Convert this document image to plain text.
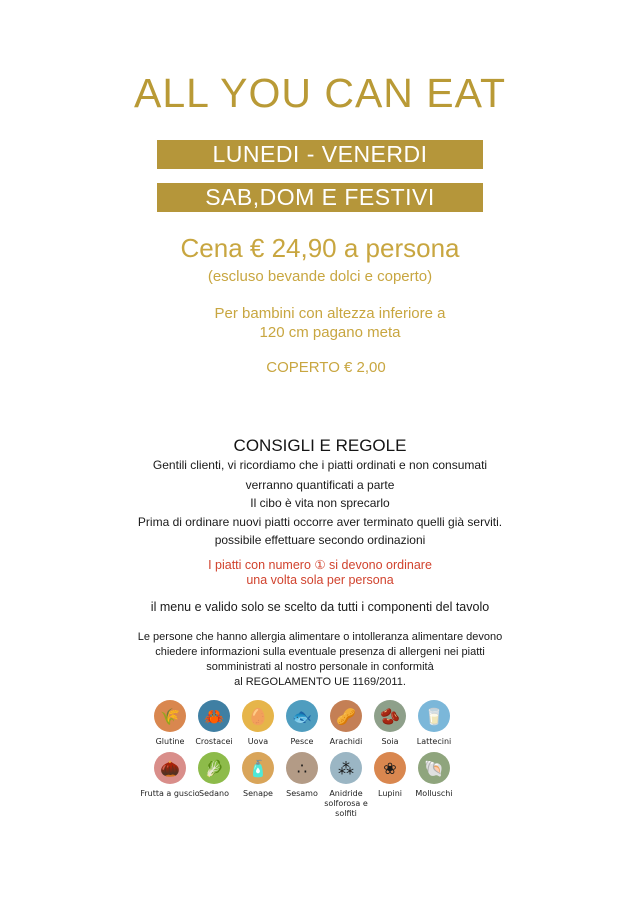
ALL YOU CAN EAT
LUNEDI - VENERDI
SAB,DOM E FESTIVI
Cena € 24,90 a persona
(escluso bevande dolci e coperto)
Per bambini con altezza inferiore a
120 cm pagano meta
COPERTO € 2,00
CONSIGLI E REGOLE
Gentili clienti, vi ricordiamo che i piatti ordinati e non consumati
verranno quantificati a parte
Il cibo è vita non sprecarlo
Prima di ordinare nuovi piatti occorre aver terminato quelli già serviti.
possibile effettuare secondo ordinazioni
I piatti con numero ① si devono ordinare
una volta sola per persona
il menu e valido solo se scelto da tutti i componenti del tavolo
Le persone che hanno allergia alimentare o intolleranza alimentare devono
chiedere informazioni sulla eventuale presenza di allergeni nei piatti
somministrati al nostro personale in conformità
al REGOLAMENTO UE 1169/2011.
🌾
Glutine
🦀
Crostacei
🥚
Uova
🐟
Pesce
🥜
Arachidi
🫘
Soia
🥛
Lattecini
🌰
Frutta a guscio
🥬
Sedano
🧴
Senape
∴
Sesamo
⁂
Anidride solforosa e solfiti
❀
Lupini
🐚
Molluschi
